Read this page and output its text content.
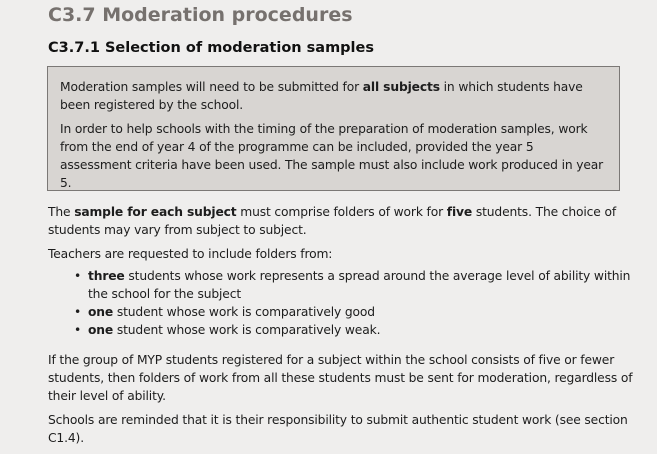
C3.7 Moderation procedures
C3.7.1 Selection of moderation samples

Moderation samples will need to be submitted for all subjects in which students have been registered by the school.

In order to help schools with the timing of the preparation of moderation samples, work from the end of year 4 of the programme can be included, provided the year 5 assessment criteria have been used. The sample must also include work produced in year 5.

The sample for each subject must comprise folders of work for five students. The choice of students may vary from subject to subject.

Teachers are requested to include folders from:

• three students whose work represents a spread around the average level of ability within the school for the subject
• one student whose work is comparatively good
• one student whose work is comparatively weak.

If the group of MYP students registered for a subject within the school consists of five or fewer students, then folders of work from all these students must be sent for moderation, regardless of their level of ability.

Schools are reminded that it is their responsibility to submit authentic student work (see section C1.4).
